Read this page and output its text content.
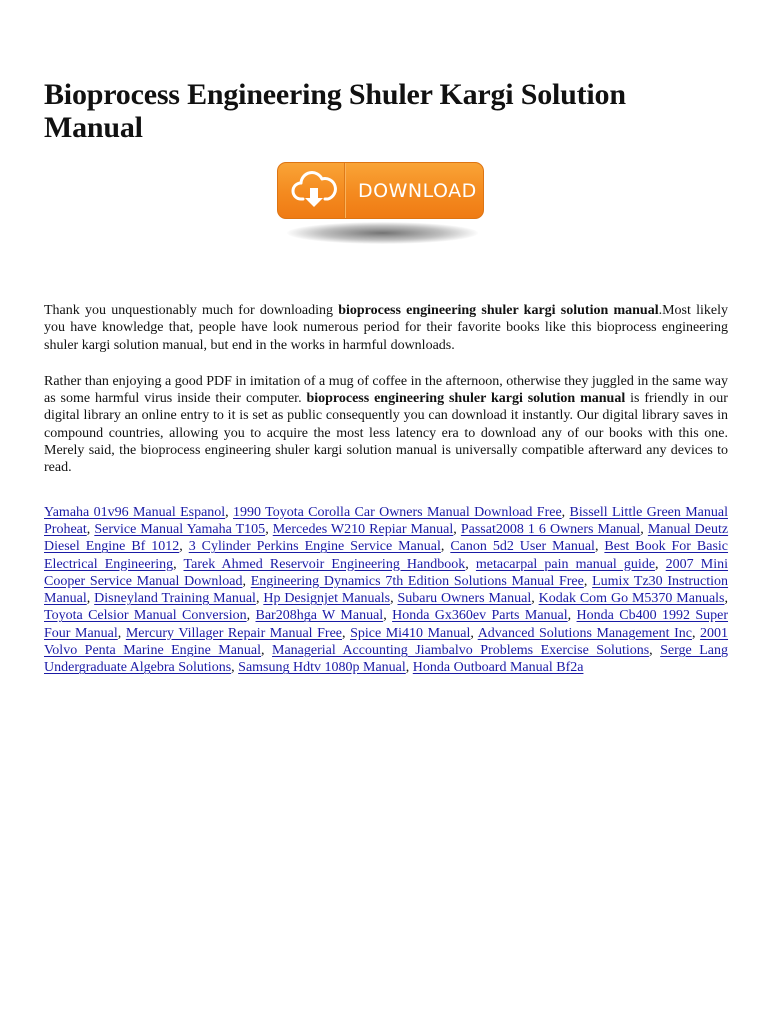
Bioprocess Engineering Shuler Kargi Solution Manual
DOWNLOAD

Thank you unquestionably much for downloading bioprocess engineering shuler kargi solution manual.Most likely you have knowledge that, people have look numerous period for their favorite books like this bioprocess engineering shuler kargi solution manual, but end in the works in harmful downloads.

Rather than enjoying a good PDF in imitation of a mug of coffee in the afternoon, otherwise they juggled in the same way as some harmful virus inside their computer. bioprocess engineering shuler kargi solution manual is friendly in our digital library an online entry to it is set as public consequently you can download it instantly. Our digital library saves in compound countries, allowing you to acquire the most less latency era to download any of our books with this one. Merely said, the bioprocess engineering shuler kargi solution manual is universally compatible afterward any devices to read.

Yamaha 01v96 Manual Espanol, 1990 Toyota Corolla Car Owners Manual Download Free, Bissell Little Green Manual Proheat, Service Manual Yamaha T105, Mercedes W210 Repiar Manual, Passat2008 1 6 Owners Manual, Manual Deutz Diesel Engine Bf 1012, 3 Cylinder Perkins Engine Service Manual, Canon 5d2 User Manual, Best Book For Basic Electrical Engineering, Tarek Ahmed Reservoir Engineering Handbook, metacarpal pain manual guide, 2007 Mini Cooper Service Manual Download, Engineering Dynamics 7th Edition Solutions Manual Free, Lumix Tz30 Instruction Manual, Disneyland Training Manual, Hp Designjet Manuals, Subaru Owners Manual, Kodak Com Go M5370 Manuals, Toyota Celsior Manual Conversion, Bar208hga W Manual, Honda Gx360ev Parts Manual, Honda Cb400 1992 Super Four Manual, Mercury Villager Repair Manual Free, Spice Mi410 Manual, Advanced Solutions Management Inc, 2001 Volvo Penta Marine Engine Manual, Managerial Accounting Jiambalvo Problems Exercise Solutions, Serge Lang Undergraduate Algebra Solutions, Samsung Hdtv 1080p Manual, Honda Outboard Manual Bf2a
